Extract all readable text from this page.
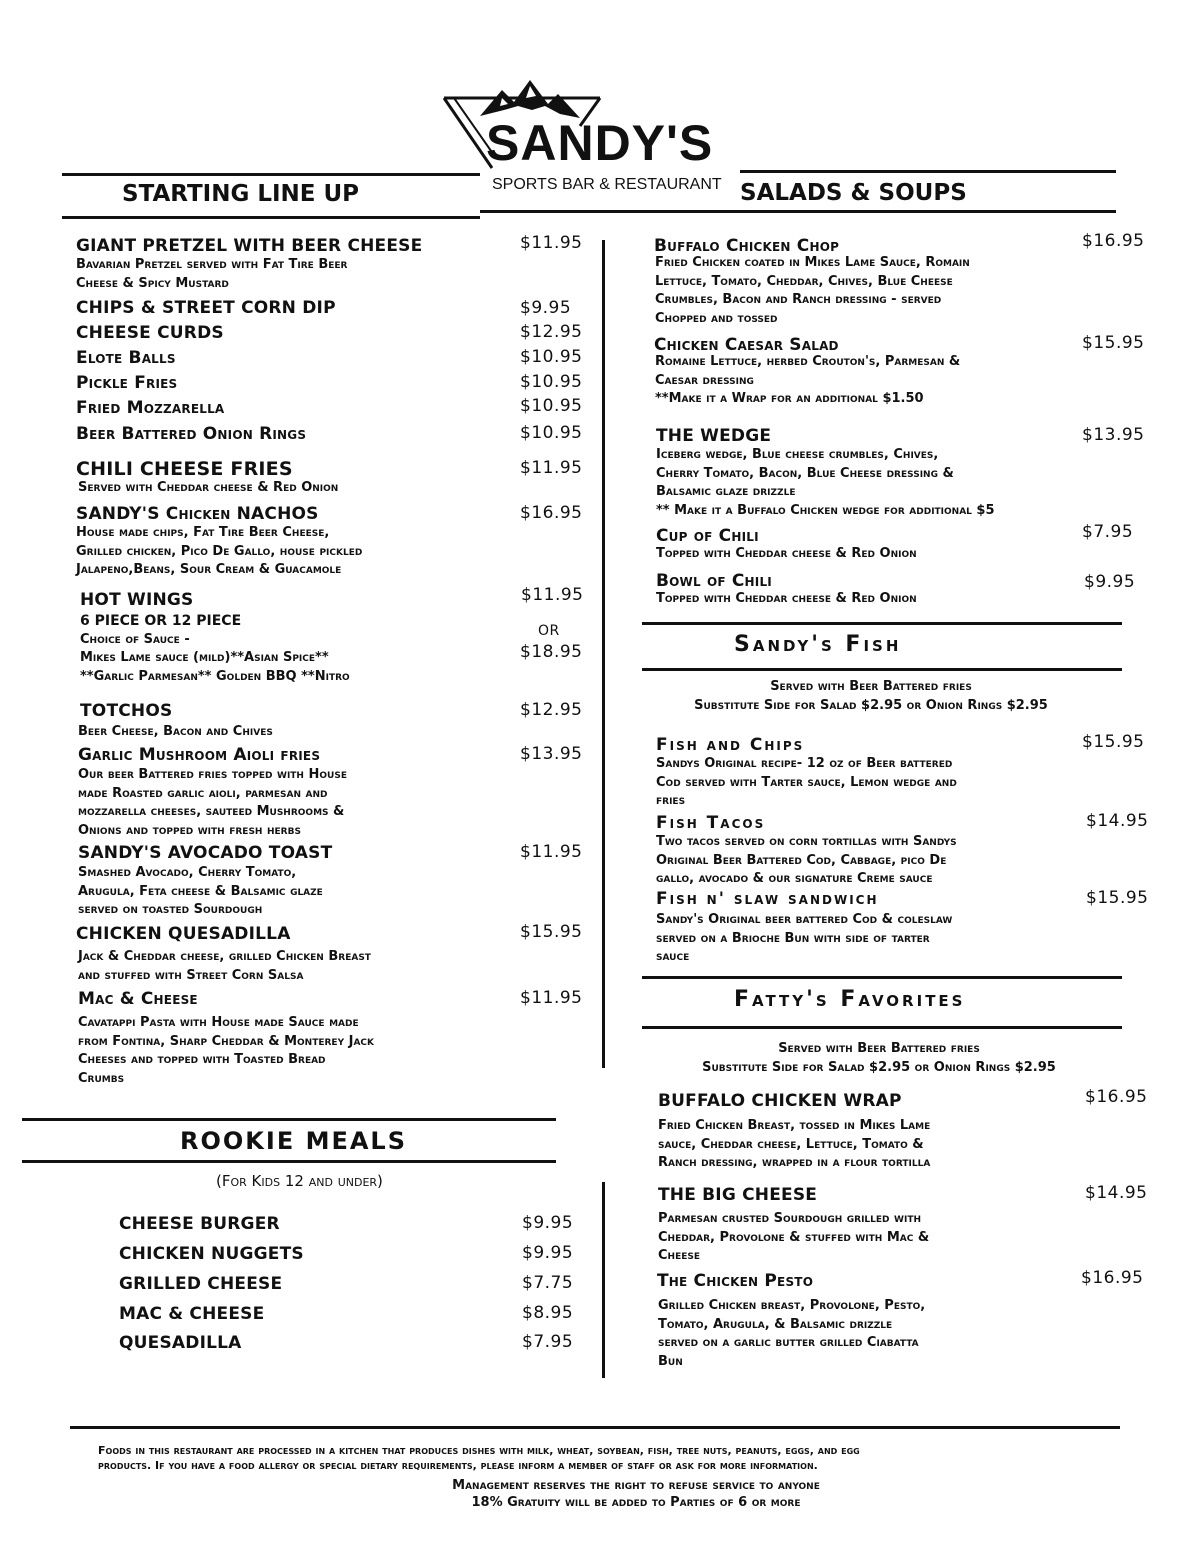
SANDY'S
SPORTS BAR & RESTAURANT
STARTING LINE UP	SALADS & SOUPS
GIANT PRETZEL WITH BEER CHEESE	$11.95
Bavarian Pretzel served with Fat Tire Beer
Cheese & Spicy Mustard
CHIPS & STREET CORN DIP	$9.95
CHEESE CURDS	$12.95
Elote Balls	$10.95
Pickle Fries	$10.95
Fried Mozzarella	$10.95
Beer Battered Onion Rings	$10.95
CHILI CHEESE FRIES	$11.95
Served with Cheddar cheese & Red Onion
SANDY'S Chicken NACHOS	$16.95
House made chips, Fat Tire Beer Cheese,
Grilled chicken, Pico De Gallo, house pickled
Jalapeno,Beans, Sour Cream & Guacamole
HOT WINGS	$11.95
OR
$18.95
6 PIECE OR 12 PIECE
Choice of Sauce -
Mikes Lame sauce (mild)**Asian Spice**
**Garlic Parmesan** Golden BBQ **Nitro
TOTCHOS	$12.95
Beer Cheese, Bacon and Chives
Garlic Mushroom Aioli fries	$13.95
Our beer Battered fries topped with House
made Roasted garlic aioli, parmesan and
mozzarella cheeses, sauteed Mushrooms &
Onions and topped with fresh herbs
SANDY'S AVOCADO TOAST	$11.95
Smashed Avocado, Cherry Tomato,
Arugula, Feta cheese & Balsamic glaze
served on toasted Sourdough
CHICKEN QUESADILLA	$15.95
Jack & Cheddar cheese, grilled Chicken Breast
and stuffed with Street Corn Salsa
Mac & Cheese	$11.95
Cavatappi Pasta with House made Sauce made
from Fontina, Sharp Cheddar & Monterey Jack
Cheeses and topped with Toasted Bread
Crumbs
ROOKIE MEALS
(For Kids 12 and under)
CHEESE BURGER	$9.95
CHICKEN NUGGETS	$9.95
GRILLED CHEESE	$7.75
MAC & CHEESE	$8.95
QUESADILLA	$7.95
Buffalo Chicken Chop	$16.95
Fried Chicken coated in Mikes Lame Sauce, Romain
Lettuce, Tomato, Cheddar, Chives, Blue Cheese
Crumbles, Bacon and Ranch dressing - served
Chopped and tossed
Chicken Caesar Salad	$15.95
Romaine Lettuce, herbed Crouton's, Parmesan &
Caesar dressing
**Make it a Wrap for an additional $1.50
THE WEDGE	$13.95
Iceberg wedge, Blue cheese crumbles, Chives,
Cherry Tomato, Bacon, Blue Cheese dressing &
Balsamic glaze drizzle
** Make it a Buffalo Chicken wedge for additional $5
Cup of Chili	$7.95
Topped with Cheddar cheese & Red Onion
Bowl of Chili	$9.95
Topped with Cheddar cheese & Red Onion
Sandy's Fish
Served with Beer Battered fries
Substitute Side for Salad $2.95 or Onion Rings $2.95
Fish and Chips	$15.95
Sandys Original recipe- 12 oz of Beer battered
Cod served with Tarter sauce, Lemon wedge and
fries
Fish Tacos	$14.95
Two tacos served on corn tortillas with Sandys
Original Beer Battered Cod, Cabbage, pico De
gallo, avocado & our signature Creme sauce
Fish n' slaw sandwich	$15.95
Sandy's Original beer battered Cod & coleslaw
served on a Brioche Bun with side of tarter
sauce
Fatty's Favorites
Served with Beer Battered fries
Substitute Side for Salad $2.95 or Onion Rings $2.95
BUFFALO CHICKEN WRAP	$16.95
Fried Chicken Breast, tossed in Mikes Lame
sauce, Cheddar cheese, Lettuce, Tomato &
Ranch dressing, wrapped in a flour tortilla
THE BIG CHEESE	$14.95
Parmesan crusted Sourdough grilled with
Cheddar, Provolone & stuffed with Mac &
Cheese
The Chicken Pesto	$16.95
Grilled Chicken breast, Provolone, Pesto,
Tomato, Arugula, & Balsamic drizzle
served on a garlic butter grilled Ciabatta
Bun
Foods in this restaurant are processed in a kitchen that produces dishes with milk, wheat, soybean, fish, tree nuts, peanuts, eggs, and egg
products. If you have a food allergy or special dietary requirements, please inform a member of staff or ask for more information.
Management reserves the right to refuse service to anyone
18% Gratuity will be added to Parties of 6 or more
